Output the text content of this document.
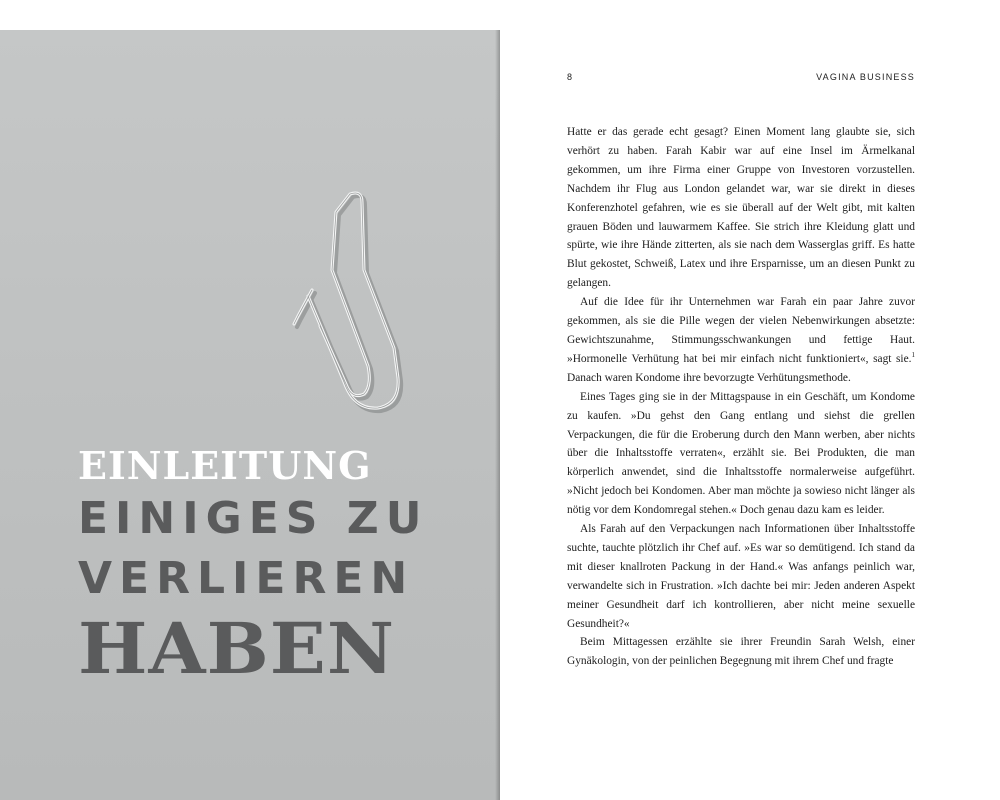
EINLEITUNG
EINIGES ZU
VERLIEREN
HABEN
8	VAGINA BUSINESS

Hatte er das gerade echt gesagt? Einen Moment lang glaubte sie, sich verhört zu haben. Farah Kabir war auf eine Insel im Ärmelkanal gekommen, um ihre Firma einer Gruppe von Investoren vorzustellen. Nachdem ihr Flug aus London gelandet war, war sie direkt in dieses Konferenzhotel gefahren, wie es sie überall auf der Welt gibt, mit kalten grauen Böden und lauwarmem Kaffee. Sie strich ihre Kleidung glatt und spürte, wie ihre Hände zitterten, als sie nach dem Wasserglas griff. Es hatte Blut gekostet, Schweiß, Latex und ihre Ersparnisse, um an diesen Punkt zu gelangen.

Auf die Idee für ihr Unternehmen war Farah ein paar Jahre zuvor gekommen, als sie die Pille wegen der vielen Nebenwirkungen absetzte: Gewichtszunahme, Stimmungsschwankungen und fettige Haut. »Hormonelle Verhütung hat bei mir einfach nicht funktioniert«, sagt sie.$^1$ Danach waren Kondome ihre bevorzugte Verhütungsmethode.

Eines Tages ging sie in der Mittagspause in ein Geschäft, um Kondome zu kaufen. »Du gehst den Gang entlang und siehst die grellen Verpackungen, die für die Eroberung durch den Mann werben, aber nichts über die Inhaltsstoffe verraten«, erzählt sie. Bei Produkten, die man körperlich anwendet, sind die Inhaltsstoffe normalerweise aufgeführt. »Nicht jedoch bei Kondomen. Aber man möchte ja sowieso nicht länger als nötig vor dem Kondomregal stehen.« Doch genau dazu kam es leider.

Als Farah auf den Verpackungen nach Informationen über Inhaltsstoffe suchte, tauchte plötzlich ihr Chef auf. »Es war so demütigend. Ich stand da mit dieser knallroten Packung in der Hand.« Was anfangs peinlich war, verwandelte sich in Frustration. »Ich dachte bei mir: Jeden anderen Aspekt meiner Gesundheit darf ich kontrollieren, aber nicht meine sexuelle Gesundheit?«

Beim Mittagessen erzählte sie ihrer Freundin Sarah Welsh, einer Gynäkologin, von der peinlichen Begegnung mit ihrem Chef und fragte
